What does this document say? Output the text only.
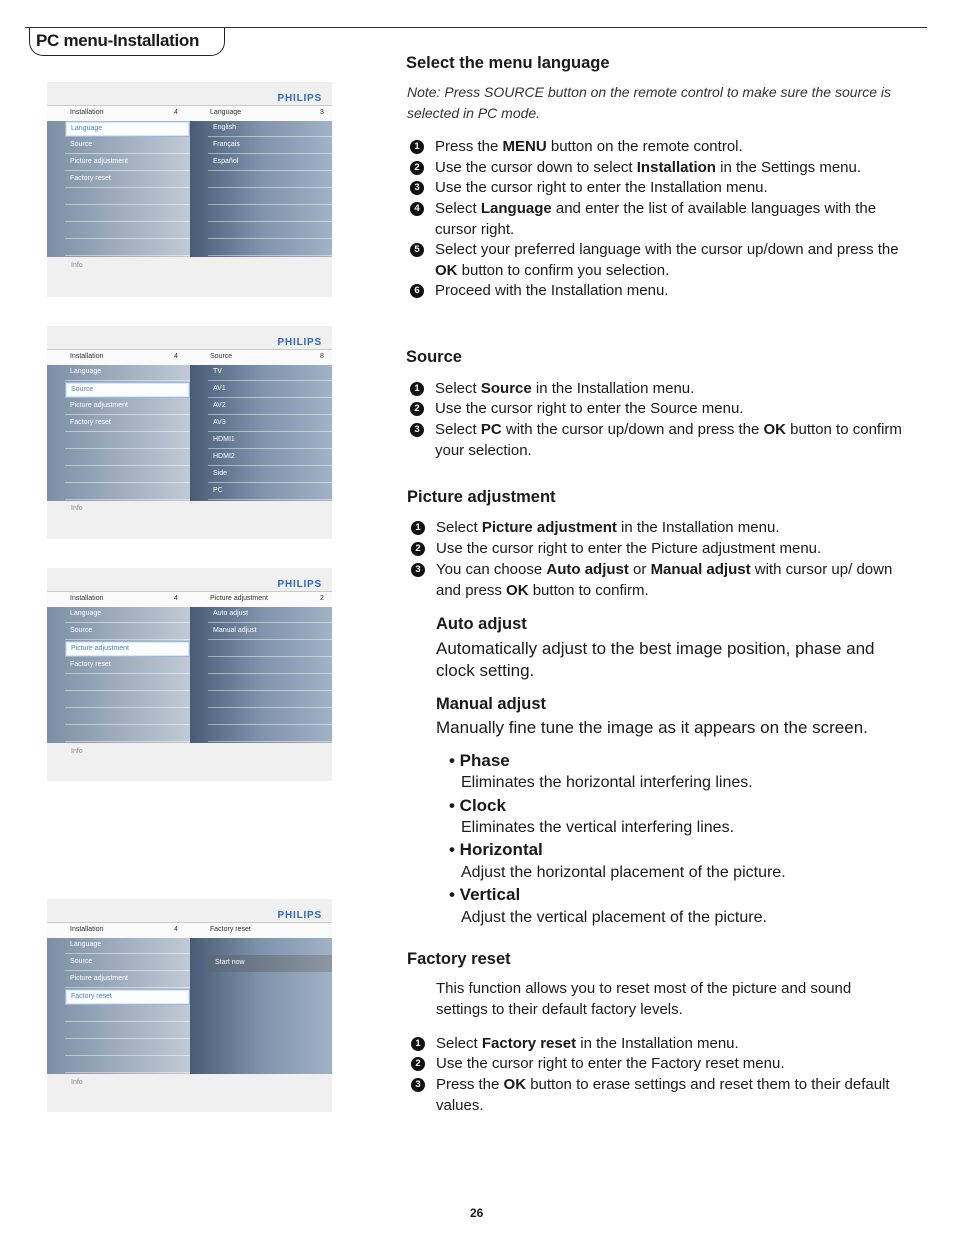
PC menu-Installation
PHILIPS
Installation	4	Language	3
Info
Language	English
Source	Français
Picture adjustment	Español
Factory reset
PHILIPS
Installation	4	Source	8
Info
Language	TV
Source	AV1
Picture adjustment	AV2
Factory reset	AV3
HDMI1
HDMI2
Side
PC
PHILIPS
Installation	4	Picture adjustment	2
Info
Language	Auto adjust
Source	Manual adjust
Picture adjustment
Factory reset
PHILIPS
Installation	4	Factory reset
Start now
Info
Language
Source
Picture adjustment
Factory reset
Select the menu language
Note: Press SOURCE button on the remote control to make sure the source is selected in PC mode.
1 Press the MENU button on the remote control.
2 Use the cursor down to select Installation in the Settings menu.
3 Use the cursor right to enter the Installation menu.
4 Select Language and enter the list of available languages with the cursor right.
5 Select your preferred language with the cursor up/down and press the OK button to confirm you selection.
6 Proceed with the Installation menu.
Source
1 Select Source in the Installation menu.
2 Use the cursor right to enter the Source menu.
3 Select PC with the cursor up/down and press the OK button to confirm your selection.
Picture adjustment
1 Select Picture adjustment in the Installation menu.
2 Use the cursor right to enter the Picture adjustment menu.
3 You can choose Auto adjust or Manual adjust with cursor up/ down and press OK button to confirm.
Auto adjust
Automatically adjust to the best image position, phase and clock setting.
Manual adjust
Manually fine tune the image as it appears on the screen.
• Phase
Eliminates the horizontal interfering lines.
• Clock
Eliminates the vertical interfering lines.
• Horizontal
Adjust the horizontal placement of the picture.
• Vertical
Adjust the vertical placement of the picture.
Factory reset
This function allows you to reset most of the picture and sound settings to their default factory levels.
1 Select Factory reset in the Installation menu.
2 Use the cursor right to enter the Factory reset menu.
3 Press the OK button to erase settings and reset them to their default values.
26
